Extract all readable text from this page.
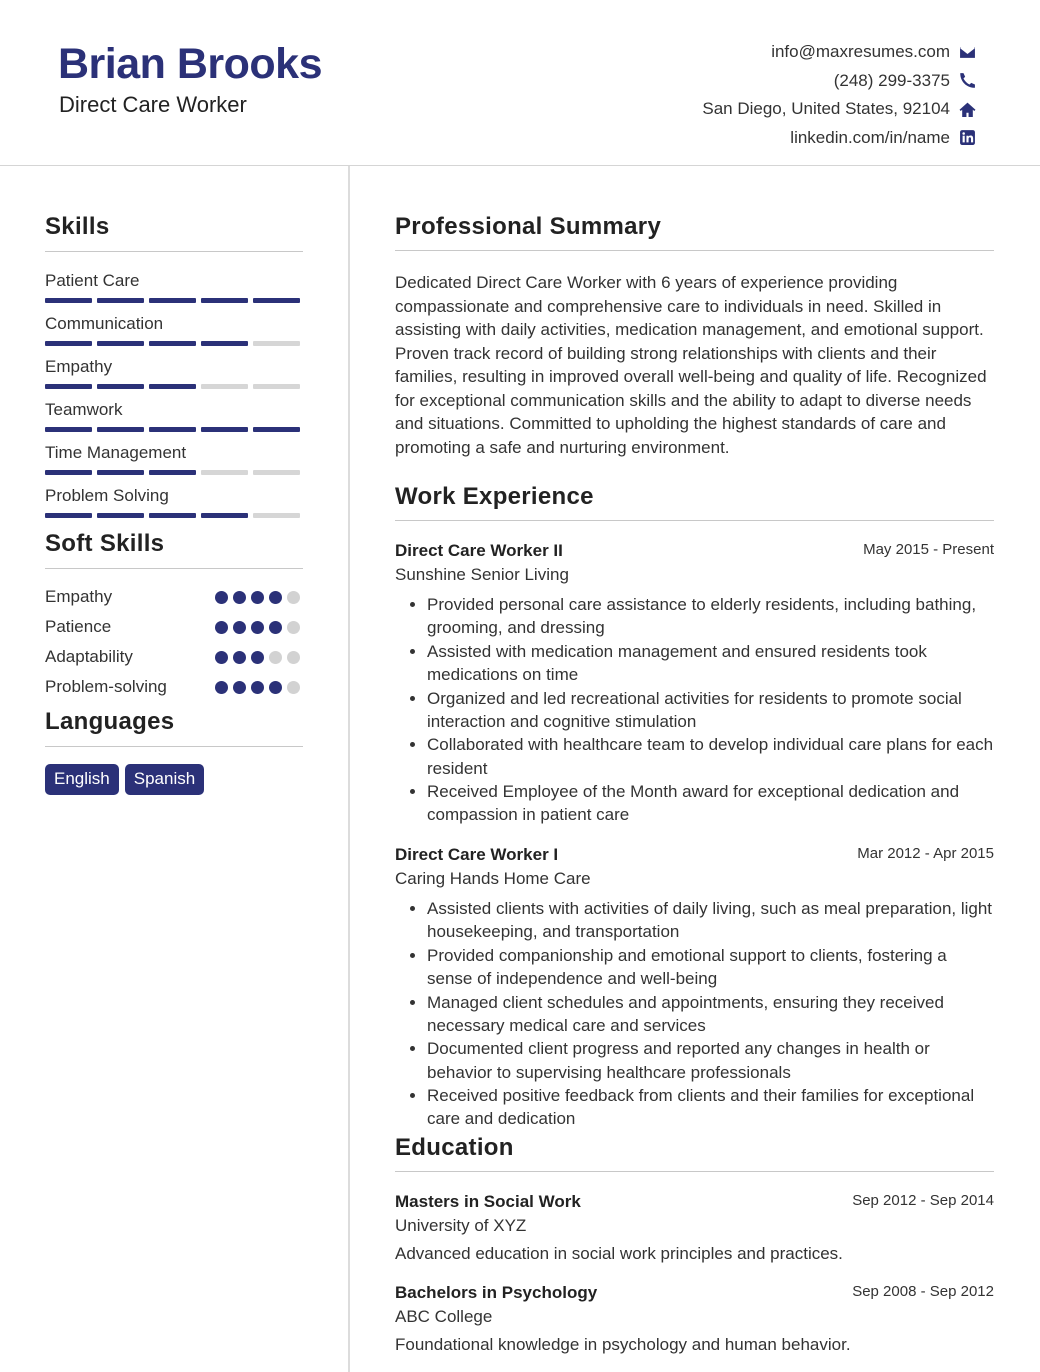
Brian Brooks
Direct Care Worker
info@maxresumes.com
(248) 299-3375
San Diego, United States, 92104
linkedin.com/in/name
Skills
Patient Care
Communication
Empathy
Teamwork
Time Management
Problem Solving
Soft Skills
Empathy
Patience
Adaptability
Problem-solving
Languages
English	Spanish
Professional Summary
Dedicated Direct Care Worker with 6 years of experience providing compassionate and comprehensive care to individuals in need. Skilled in assisting with daily activities, medication management, and emotional support. Proven track record of building strong relationships with clients and their families, resulting in improved overall well-being and quality of life. Recognized for exceptional communication skills and the ability to adapt to diverse needs and situations. Committed to upholding the highest standards of care and promoting a safe and nurturing environment.
Work Experience
Direct Care Worker II	May 2015 - Present
Sunshine Senior Living
• Provided personal care assistance to elderly residents, including bathing, grooming, and dressing
• Assisted with medication management and ensured residents took medications on time
• Organized and led recreational activities for residents to promote social interaction and cognitive stimulation
• Collaborated with healthcare team to develop individual care plans for each resident
• Received Employee of the Month award for exceptional dedication and compassion in patient care
Direct Care Worker I	Mar 2012 - Apr 2015
Caring Hands Home Care
• Assisted clients with activities of daily living, such as meal preparation, light housekeeping, and transportation
• Provided companionship and emotional support to clients, fostering a sense of independence and well-being
• Managed client schedules and appointments, ensuring they received necessary medical care and services
• Documented client progress and reported any changes in health or behavior to supervising healthcare professionals
• Received positive feedback from clients and their families for exceptional care and dedication
Education
Masters in Social Work	Sep 2012 - Sep 2014
University of XYZ
Advanced education in social work principles and practices.
Bachelors in Psychology	Sep 2008 - Sep 2012
ABC College
Foundational knowledge in psychology and human behavior.
